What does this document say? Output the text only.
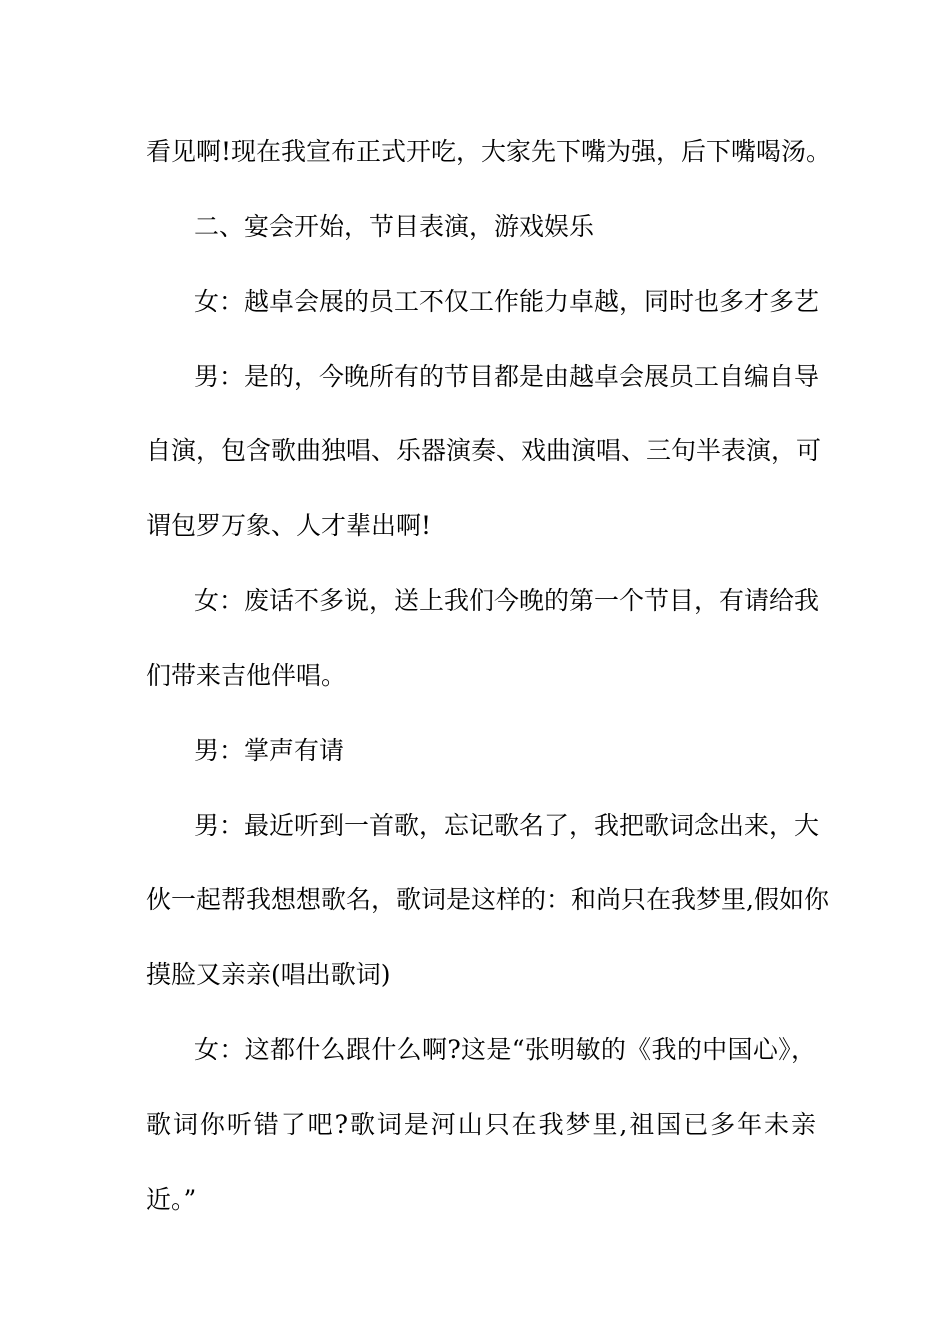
看见啊!现在我宣布正式开吃，大家先下嘴为强，后下嘴喝汤。

二、宴会开始，节目表演，游戏娱乐

女：越卓会展的员工不仅工作能力卓越，同时也多才多艺

男：是的，今晚所有的节目都是由越卓会展员工自编自导

自演，包含歌曲独唱、乐器演奏、戏曲演唱、三句半表演，可

谓包罗万象、人才辈出啊!

女：废话不多说，送上我们今晚的第一个节目，有请给我

们带来吉他伴唱。

男：掌声有请

男：最近听到一首歌，忘记歌名了，我把歌词念出来，大

伙一起帮我想想歌名，歌词是这样的：和尚只在我梦里,假如你

摸脸又亲亲(唱出歌词)

女：这都什么跟什么啊?这是“张明敏的《我的中国心》，

歌词你听错了吧?歌词是河山只在我梦里,祖国已多年未亲

近。”
